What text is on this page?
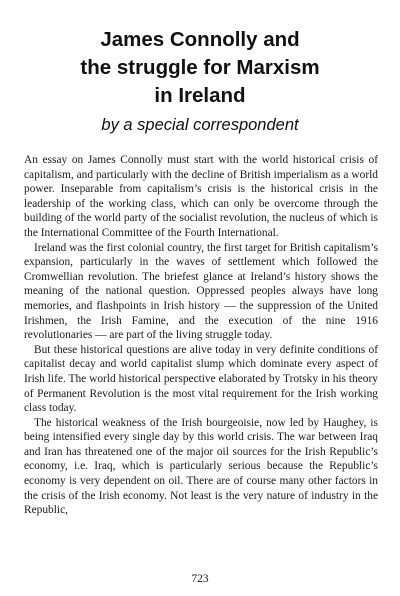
James Connolly and
the struggle for Marxism
in Ireland
by a special correspondent

An essay on James Connolly must start with the world historical crisis of capitalism, and particularly with the decline of British imperialism as a world power. Inseparable from capitalism’s crisis is the historical crisis in the leadership of the working class, which can only be overcome through the building of the world party of the socialist revolution, the nucleus of which is the International Committee of the Fourth International.

Ireland was the first colonial country, the first target for British capitalism’s expansion, particularly in the waves of settlement which followed the Cromwellian revolution. The briefest glance at Ireland’s history shows the meaning of the national question. Oppressed peoples always have long memories, and flashpoints in Irish history — the suppression of the United Irishmen, the Irish Famine, and the execution of the nine 1916 revolutionaries — are part of the living struggle today.

But these historical questions are alive today in very definite conditions of capitalist decay and world capitalist slump which dominate every aspect of Irish life. The world historical perspective elaborated by Trotsky in his theory of Permanent Revolution is the most vital requirement for the Irish working class today.

The historical weakness of the Irish bourgeoisie, now led by Haughey, is being intensified every single day by this world crisis. The war between Iraq and Iran has threatened one of the major oil sources for the Irish Republic’s economy, i.e. Iraq, which is particularly serious because the Republic’s economy is very dependent on oil. There are of course many other factors in the crisis of the Irish economy. Not least is the very nature of industry in the Republic,

723
